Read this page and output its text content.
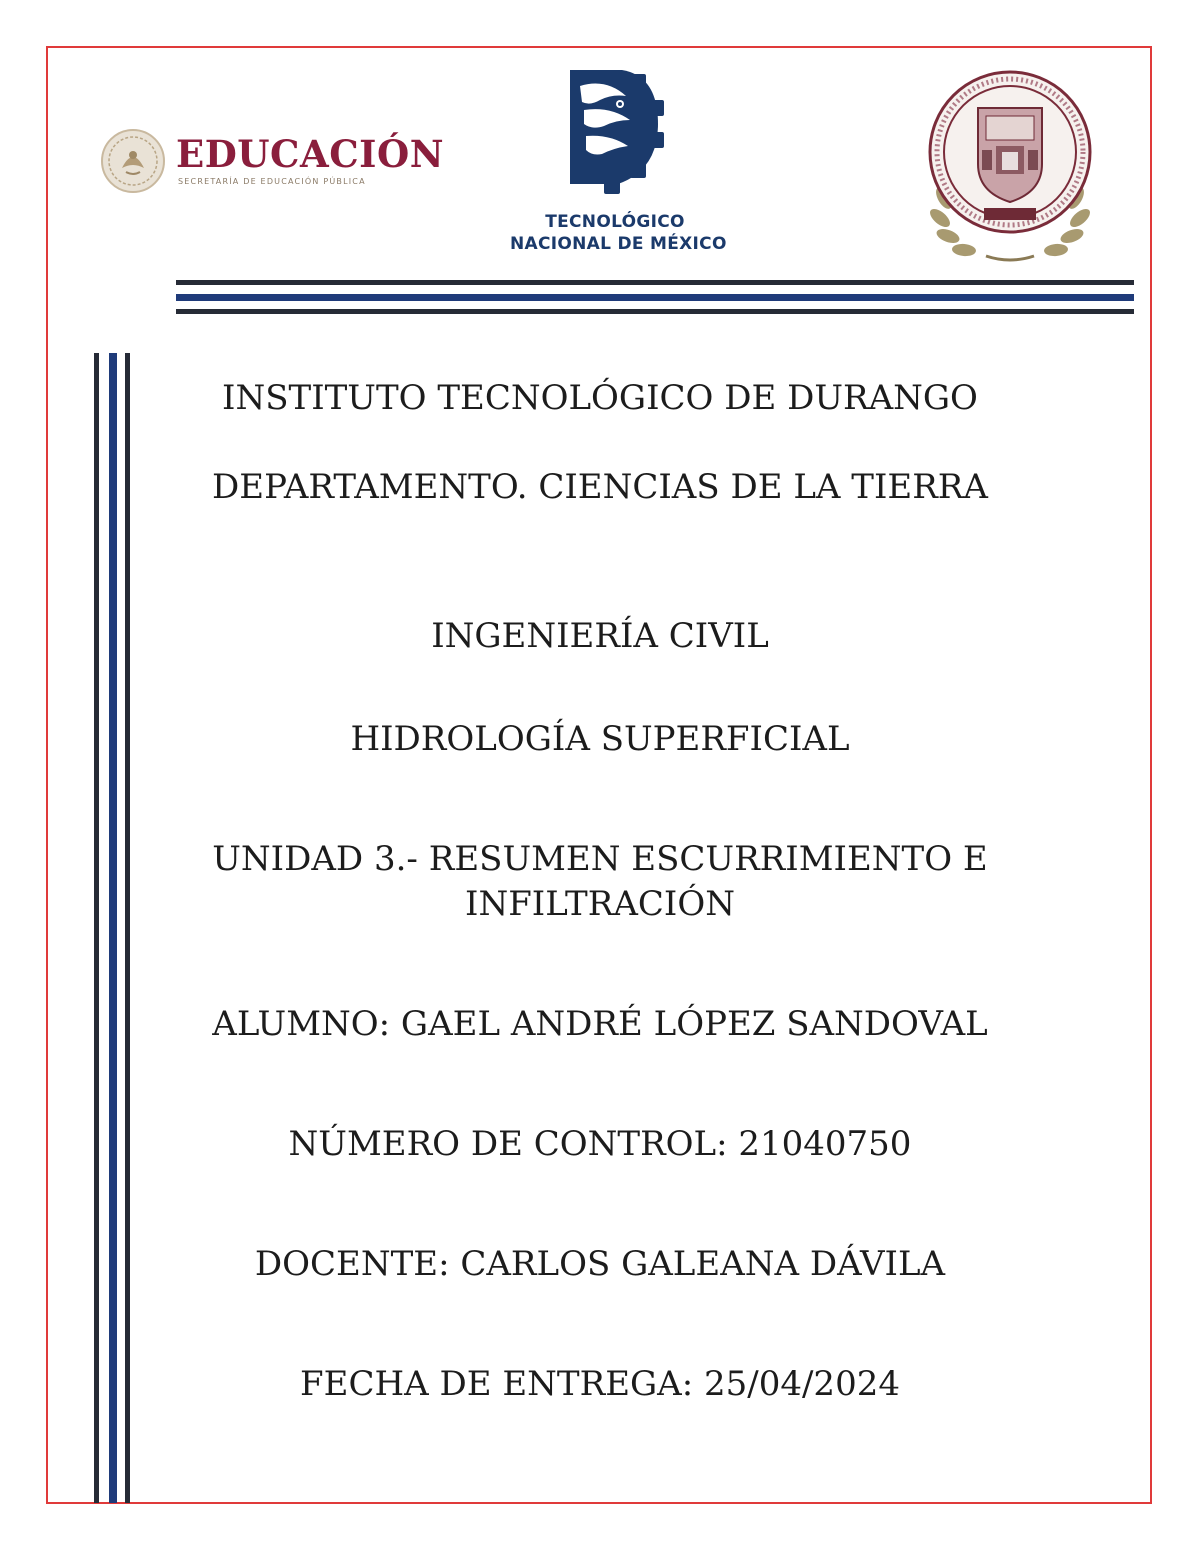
EDUCACIÓN
SECRETARÍA DE EDUCACIÓN PÚBLICA
TECNOLÓGICO
NACIONAL DE MÉXICO
INSTITUTO TECNOLÓGICO DE DURANGO
DEPARTAMENTO. CIENCIAS DE LA TIERRA
INGENIERÍA CIVIL
HIDROLOGÍA SUPERFICIAL
UNIDAD 3.- RESUMEN ESCURRIMIENTO E
INFILTRACIÓN
ALUMNO: GAEL ANDRÉ LÓPEZ SANDOVAL
NÚMERO DE CONTROL: 21040750
DOCENTE: CARLOS GALEANA DÁVILA
FECHA DE ENTREGA: 25/04/2024
